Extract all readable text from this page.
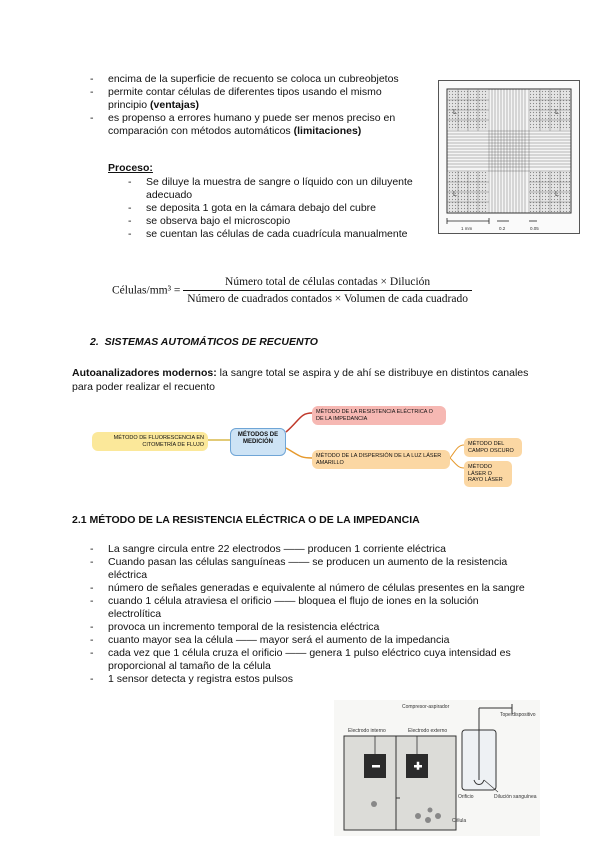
- encima de la superficie de recuento se coloca un cubreobjetos
- permite contar células de diferentes tipos usando el mismo principio (ventajas)
- es propenso a errores humano y puede ser menos preciso en comparación con métodos automáticos (limitaciones)
Proceso:
- Se diluye la muestra de sangre o líquido con un diluyente adecuado
- se deposita 1 gota en la cámara debajo del cubre
- se observa bajo el microscopio
- se cuentan las células de cada cuadrícula manualmente
L	L
L	L
1 mm	0.2	0.05
Células/mm³ = $\frac{\text{Número total de células contadas × Dilución}}{\text{Número de cuadrados contados × Volumen de cada cuadrado}}$
2. SISTEMAS AUTOMÁTICOS DE RECUENTO
Autoanalizadores modernos: la sangre total se aspira y de ahí se distribuye en distintos canales para poder realizar el recuento
MÉTODO DE FLUORESCENCIA EN CITOMETRÍA DE FLUJO
MÉTODOS DE MEDICIÓN
MÉTODO DE LA RESISTENCIA ELÉCTRICA O DE LA IMPEDANCIA
MÉTODO DE LA DISPERSIÓN DE LA LUZ LÁSER AMARILLO
MÉTODO DEL CAMPO OSCURO
MÉTODO LÁSER O RAYO LÁSER
2.1 MÉTODO DE LA RESISTENCIA ELÉCTRICA O DE LA IMPEDANCIA
- La sangre circula entre 22 electrodos —— producen 1 corriente eléctrica
- Cuando pasan las células sanguíneas —— se producen un aumento de la resistencia eléctrica
- número de señales generadas e equivalente al número de células presentes en la sangre
- cuando 1 célula atraviesa el orificio —— bloquea el flujo de iones en la solución electrolítica
- provoca un incremento temporal de la resistencia eléctrica
- cuanto mayor sea la célula —— mayor será el aumento de la impedancia
- cada vez que 1 célula cruza el orificio —— genera 1 pulso eléctrico cuya intensidad es proporcional al tamaño de la célula
- 1 sensor detecta y registra estos pulsos
Compresor-aspirador
Tope/dispositivo
Electrodo interno	Electrodo externo
Orificio	Dilución sanguínea
Célula
